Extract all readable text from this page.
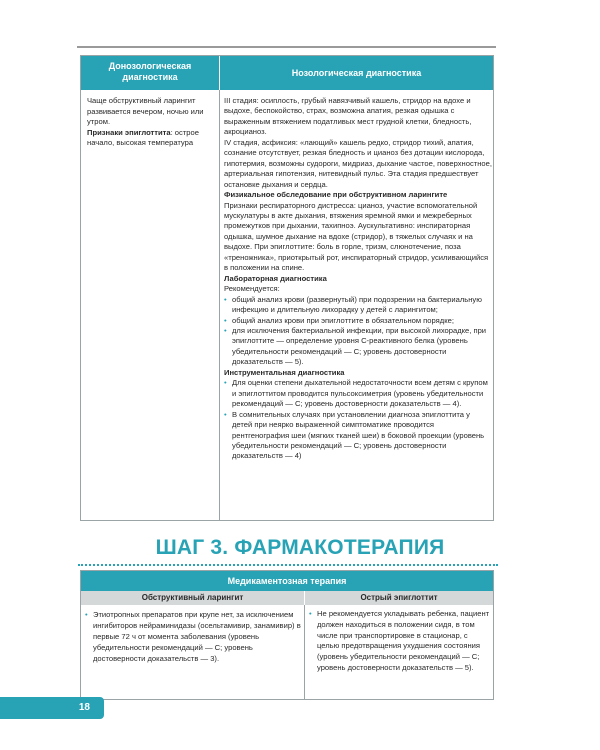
Донозологическая диагностика	Нозологическая диагностика

Чаще обструктивный ларингит развивается вечером, ночью или утром.

Признаки эпиглоттита: острое начало, высокая температура

III стадия: осиплость, грубый навязчивый кашель, стридор на вдохе и выдохе, беспокойство, страх, возможна апатия, резкая одышка с выраженным втяжением податливых мест грудной клетки, бледность, акроцианоз.

IV стадия, асфиксия: «лающий» кашель редко, стридор тихий, апатия, сознание отсутствует, резкая бледность и цианоз без дотации кислорода, гипотермия, возможны судороги, мидриаз, дыхание частое, поверхностное, артериальная гипотензия, нитевидный пульс. Эта стадия предшествует остановке дыхания и сердца.

Физикальное обследование при обструктивном ларингите

Признаки респираторного дистресса: цианоз, участие вспомогательной мускулатуры в акте дыхания, втяжения яремной ямки и межреберных промежутков при дыхании, тахипноэ. Аускультативно: инспираторная одышка, шумное дыхание на вдохе (стридор), в тяжелых случаях и на выдохе. При эпиглоттите: боль в горле, тризм, слюнотечение, поза «треножника», приоткрытый рот, инспираторный стридор, усиливающийся в положении на спине.

Лабораторная диагностика

Рекомендуется:

• общий анализ крови (развернутый) при подозрении на бактериальную инфекцию и длительную лихорадку у детей с ларингитом;

• общий анализ крови при эпиглоттите в обязательном порядке;

• для исключения бактериальной инфекции, при высокой лихорадке, при эпиглоттите — определение уровня С-реактивного белка (уровень убедительности рекомендаций — С; уровень достоверности доказательств — 5).

Инструментальная диагностика

• Для оценки степени дыхательной недостаточности всем детям с крупом и эпиглоттитом проводится пульсоксиметрия (уровень убедительности рекомендаций — С; уровень достоверности доказательств — 4).

• В сомнительных случаях при установлении диагноза эпиглоттита у детей при неярко выраженной симптоматике проводится рентгенография шеи (мягких тканей шеи) в боковой проекции (уровень убедительности рекомендаций — С; уровень достоверности доказательств — 4)

ШАГ 3. ФАРМАКОТЕРАПИЯ
Медикаментозная терапия
Обструктивный ларингит	Острый эпиглоттит

• Этиотропных препаратов при крупе нет, за исключением ингибиторов нейраминидазы (осельтамивир, занамивир) в первые 72 ч от момента заболевания (уровень убедительности рекомендаций — С; уровень достоверности доказательств — 3).

• Не рекомендуется укладывать ребенка, пациент должен находиться в положении сидя, в том числе при транспортировке в стационар, с целью предотвращения ухудшения состояния (уровень убедительности рекомендаций — С; уровень достоверности доказательств — 5).

18
